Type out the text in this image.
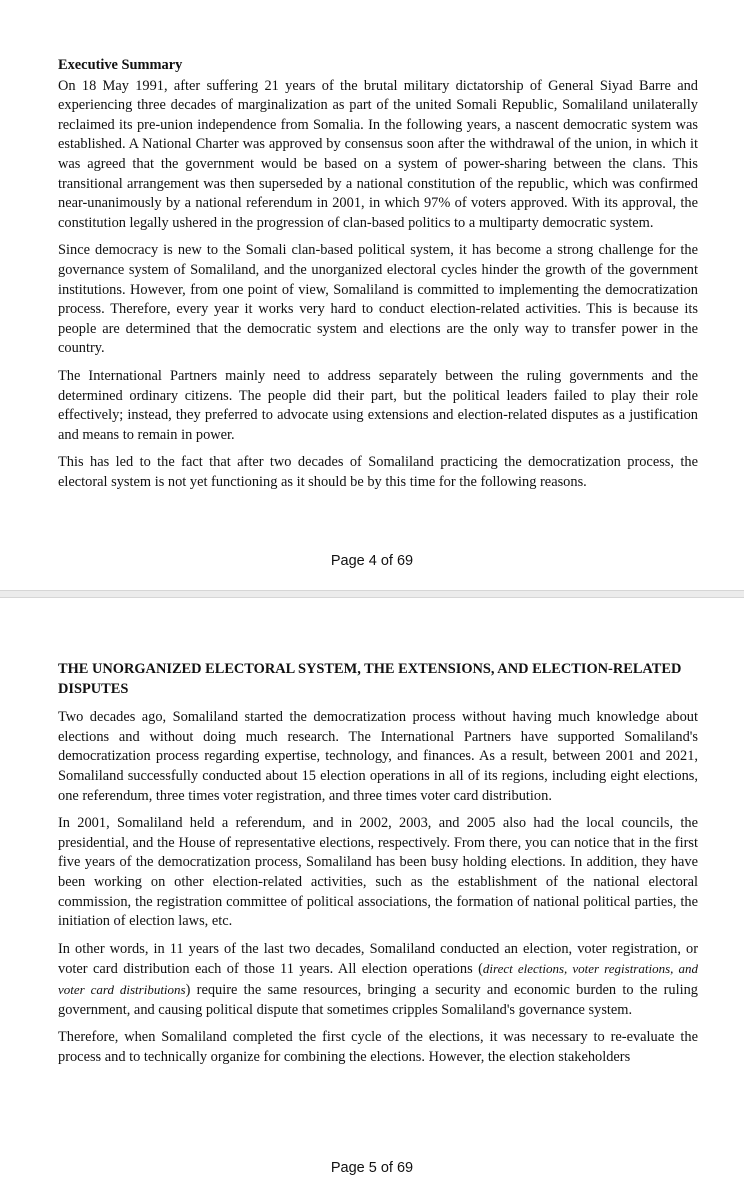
Executive Summary

On 18 May 1991, after suffering 21 years of the brutal military dictatorship of General Siyad Barre and experiencing three decades of marginalization as part of the united Somali Republic, Somaliland unilaterally reclaimed its pre-union independence from Somalia. In the following years, a nascent democratic system was established. A National Charter was approved by consensus soon after the withdrawal of the union, in which it was agreed that the government would be based on a system of power-sharing between the clans. This transitional arrangement was then superseded by a national constitution of the republic, which was confirmed near-unanimously by a national referendum in 2001, in which 97% of voters approved. With its approval, the constitution legally ushered in the progression of clan-based politics to a multiparty democratic system.

Since democracy is new to the Somali clan-based political system, it has become a strong challenge for the governance system of Somaliland, and the unorganized electoral cycles hinder the growth of the government institutions. However, from one point of view, Somaliland is committed to implementing the democratization process. Therefore, every year it works very hard to conduct election-related activities. This is because its people are determined that the democratic system and elections are the only way to transfer power in the country.

The International Partners mainly need to address separately between the ruling governments and the determined ordinary citizens. The people did their part, but the political leaders failed to play their role effectively; instead, they preferred to advocate using extensions and election-related disputes as a justification and means to remain in power.

This has led to the fact that after two decades of Somaliland practicing the democratization process, the electoral system is not yet functioning as it should be by this time for the following reasons.

Page 4 of 69
THE UNORGANIZED ELECTORAL SYSTEM, THE EXTENSIONS, AND ELECTION-RELATED DISPUTES

Two decades ago, Somaliland started the democratization process without having much knowledge about elections and without doing much research. The International Partners have supported Somaliland's democratization process regarding expertise, technology, and finances. As a result, between 2001 and 2021, Somaliland successfully conducted about 15 election operations in all of its regions, including eight elections, one referendum, three times voter registration, and three times voter card distribution.

In 2001, Somaliland held a referendum, and in 2002, 2003, and 2005 also had the local councils, the presidential, and the House of representative elections, respectively. From there, you can notice that in the first five years of the democratization process, Somaliland has been busy holding elections. In addition, they have been working on other election-related activities, such as the establishment of the national electoral commission, the registration committee of political associations, the formation of national political parties, the initiation of election laws, etc.

In other words, in 11 years of the last two decades, Somaliland conducted an election, voter registration, or voter card distribution each of those 11 years. All election operations (direct elections, voter registrations, and voter card distributions) require the same resources, bringing a security and economic burden to the ruling government, and causing political dispute that sometimes cripples Somaliland's governance system.

Therefore, when Somaliland completed the first cycle of the elections, it was necessary to re-evaluate the process and to technically organize for combining the elections. However, the election stakeholders

Page 5 of 69
